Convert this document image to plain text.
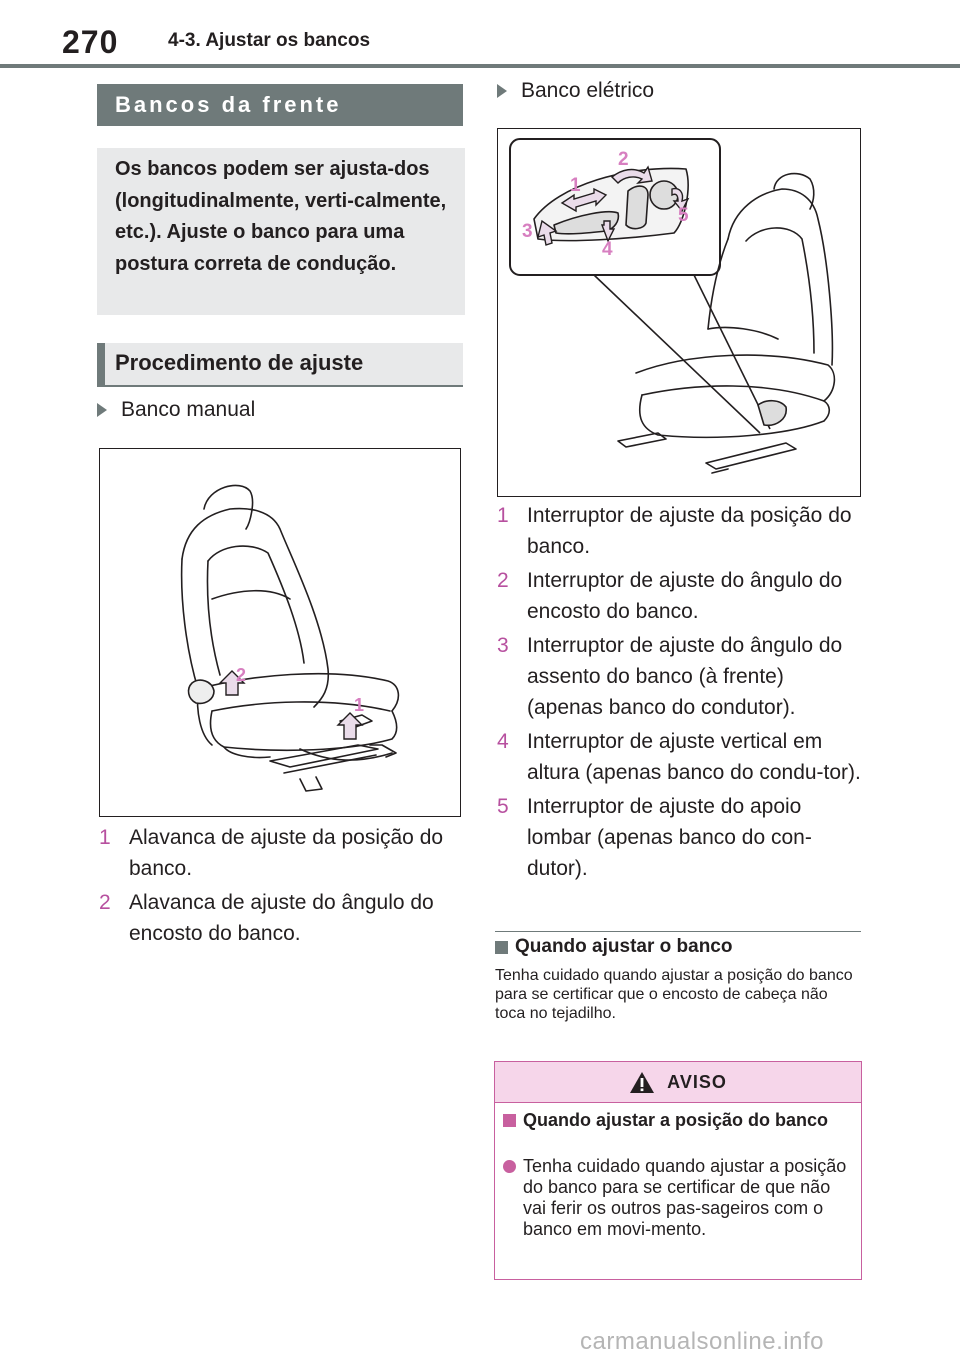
270	4-3. Ajustar os bancos
Bancos da frente
Os bancos podem ser ajusta-dos (longitudinalmente, verti-calmente, etc.). Ajuste o banco para uma postura correta de condução.
Procedimento de ajuste
Banco manual
2
1
1 Alavanca de ajuste da posição do banco.
2 Alavanca de ajuste do ângulo do encosto do banco.
Banco elétrico
1
2
3
4
5
1 Interruptor de ajuste da posição do banco.
2 Interruptor de ajuste do ângulo do encosto do banco.
3 Interruptor de ajuste do ângulo do assento do banco (à frente) (apenas banco do condutor).
4 Interruptor de ajuste vertical em altura (apenas banco do condu-tor).
5 Interruptor de ajuste do apoio lombar (apenas banco do con-dutor).
Quando ajustar o banco
Tenha cuidado quando ajustar a posição do banco para se certificar que o encosto de cabeça não toca no tejadilho.
AVISO
Quando ajustar a posição do banco
Tenha cuidado quando ajustar a posição do banco para se certificar de que não vai ferir os outros pas-sageiros com o banco em movi-mento.
carmanualsonline.info
